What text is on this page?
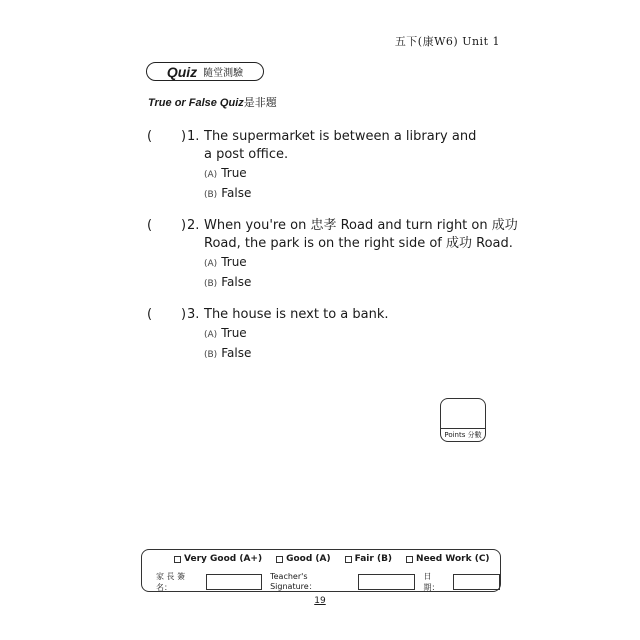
五下(康W6) Unit 1
Quiz 隨堂測驗
True or False Quiz是非題
(       ) 1. The supermarket is between a library and
a post office.
(A) True
(B) False
(       ) 2. When you're on 忠孝 Road and turn right on 成功
Road, the park is on the right side of 成功 Road.
(A) True
(B) False
(       ) 3. The house is next to a bank.
(A) True
(B) False
Points 分數
Very Good (A+)	Good (A)	Fair (B)	Need Work (C)
家 長 簽 名：
Teacher's Signature：
日 期：
19
